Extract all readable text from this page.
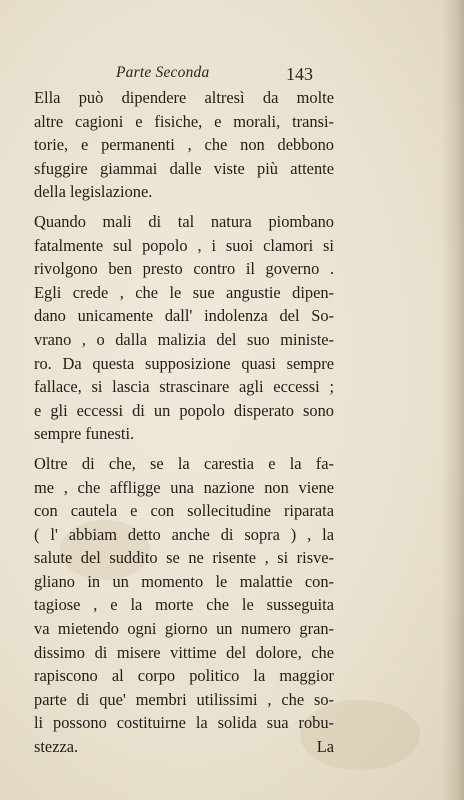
Parte Seconda	143
Ella può dipendere altresì da molte
altre cagioni e fisiche, e morali, transi-
torie, e permanenti , che non debbono
sfuggire giammai dalle viste più attente
della legislazione.
Quando mali di tal natura piombano
fatalmente sul popolo , i suoi clamori si
rivolgono ben presto contro il governo .
Egli crede , che le sue angustie dipen-
dano unicamente dall' indolenza del So-
vrano , o dalla malizia del suo ministe-
ro. Da questa supposizione quasi sempre
fallace, si lascia strascinare agli eccessi ;
e gli eccessi di un popolo disperato sono
sempre funesti.
Oltre di che, se la carestia e la fa-
me , che affligge una nazione non viene
con cautela e con sollecitudine riparata
( l' abbiam detto anche di sopra ) , la
salute del suddito se ne risente , si risve-
gliano in un momento le malattie con-
tagiose , e la morte che le susseguita
va mietendo ogni giorno un numero gran-
dissimo di misere vittime del dolore, che
rapiscono al corpo politico la maggior
parte di que' membri utilissimi , che so-
li possono costituirne la solida sua robu-
stezza.	La
